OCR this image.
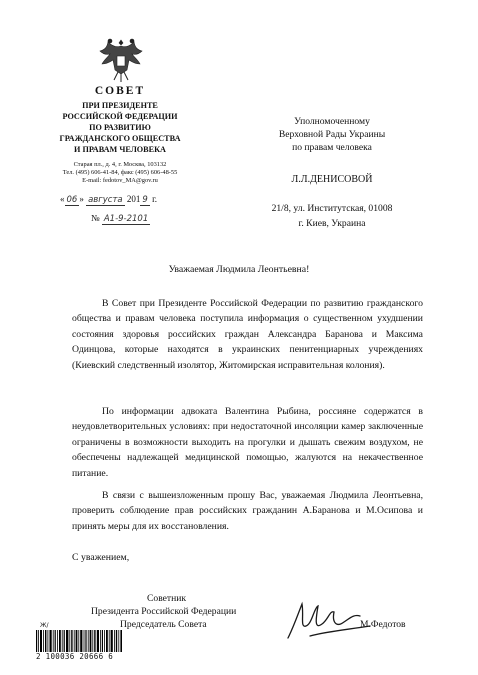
СОВЕТ
ПРИ ПРЕЗИДЕНТЕ
РОССИЙСКОЙ ФЕДЕРАЦИИ
ПО РАЗВИТИЮ
ГРАЖДАНСКОГО ОБЩЕСТВА
И ПРАВАМ ЧЕЛОВЕКА
Старая пл., д. 4, г. Москва, 103132
Тел. (495) 606-41-84, факс (495) 606-48-55
E-mail: fedotov_MA@gov.ru
« 06 » августа 201 9 г.
№ А1-9-2101
Уполномоченному
Верховной Рады Украины
по правам человека
Л.Л.ДЕНИСОВОЙ
21/8, ул. Институтская, 01008
г. Киев, Украина
Уважаемая Людмила Леонтьевна!

В Совет при Президенте Российской Федерации по развитию гражданского общества и правам человека поступила информация о существенном ухудшении состояния здоровья российских граждан Александра Баранова и Максима Одинцова, которые находятся в украинских пенитенциарных учреждениях (Киевский следственный изолятор, Житомирская исправительная колония).

По информации адвоката Валентина Рыбина, россияне содержатся в неудовлетворительных условиях: при недостаточной инсоляции камер заключенные ограничены в возможности выходить на прогулки и дышать свежим воздухом, не обеспечены надлежащей медицинской помощью, жалуются на некачественное питание.

В связи с вышеизложенным прошу Вас, уважаемая Людмила Леонтьевна, проверить соблюдение прав российских гражданин А.Баранова и М.Осипова и принять меры для их восстановления.

С уважением,
Советник
Президента Российской Федерации
Председатель Совета	М.Федотов
Ж/
2 100036 20666 6
